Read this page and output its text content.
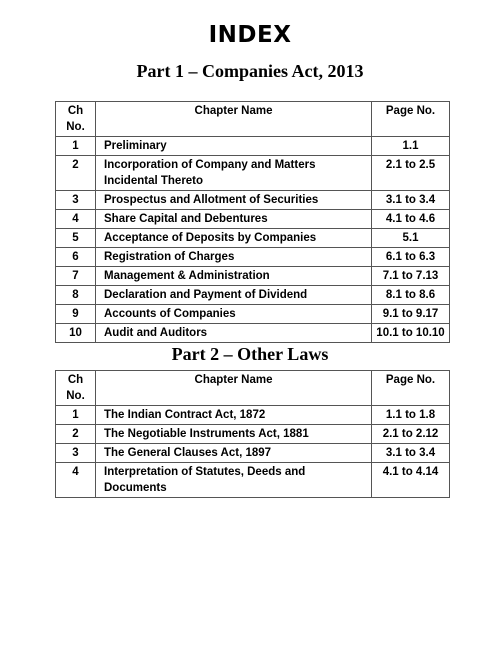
INDEX
Part 1 – Companies Act, 2013
Ch No.	Chapter Name	Page No.
1	Preliminary	1.1
2	Incorporation of Company and Matters Incidental Thereto	2.1 to 2.5
3	Prospectus and Allotment of Securities	3.1 to 3.4
4	Share Capital and Debentures	4.1 to 4.6
5	Acceptance of Deposits by Companies	5.1
6	Registration of Charges	6.1 to 6.3
7	Management & Administration	7.1 to 7.13
8	Declaration and Payment of Dividend	8.1 to 8.6
9	Accounts of Companies	9.1 to 9.17
10	Audit and Auditors	10.1 to 10.10
Part 2 – Other Laws
Ch No.	Chapter Name	Page No.
1	The Indian Contract Act, 1872	1.1 to 1.8
2	The Negotiable Instruments Act, 1881	2.1 to 2.12
3	The General Clauses Act, 1897	3.1 to 3.4
4	Interpretation of Statutes, Deeds and Documents	4.1 to 4.14
